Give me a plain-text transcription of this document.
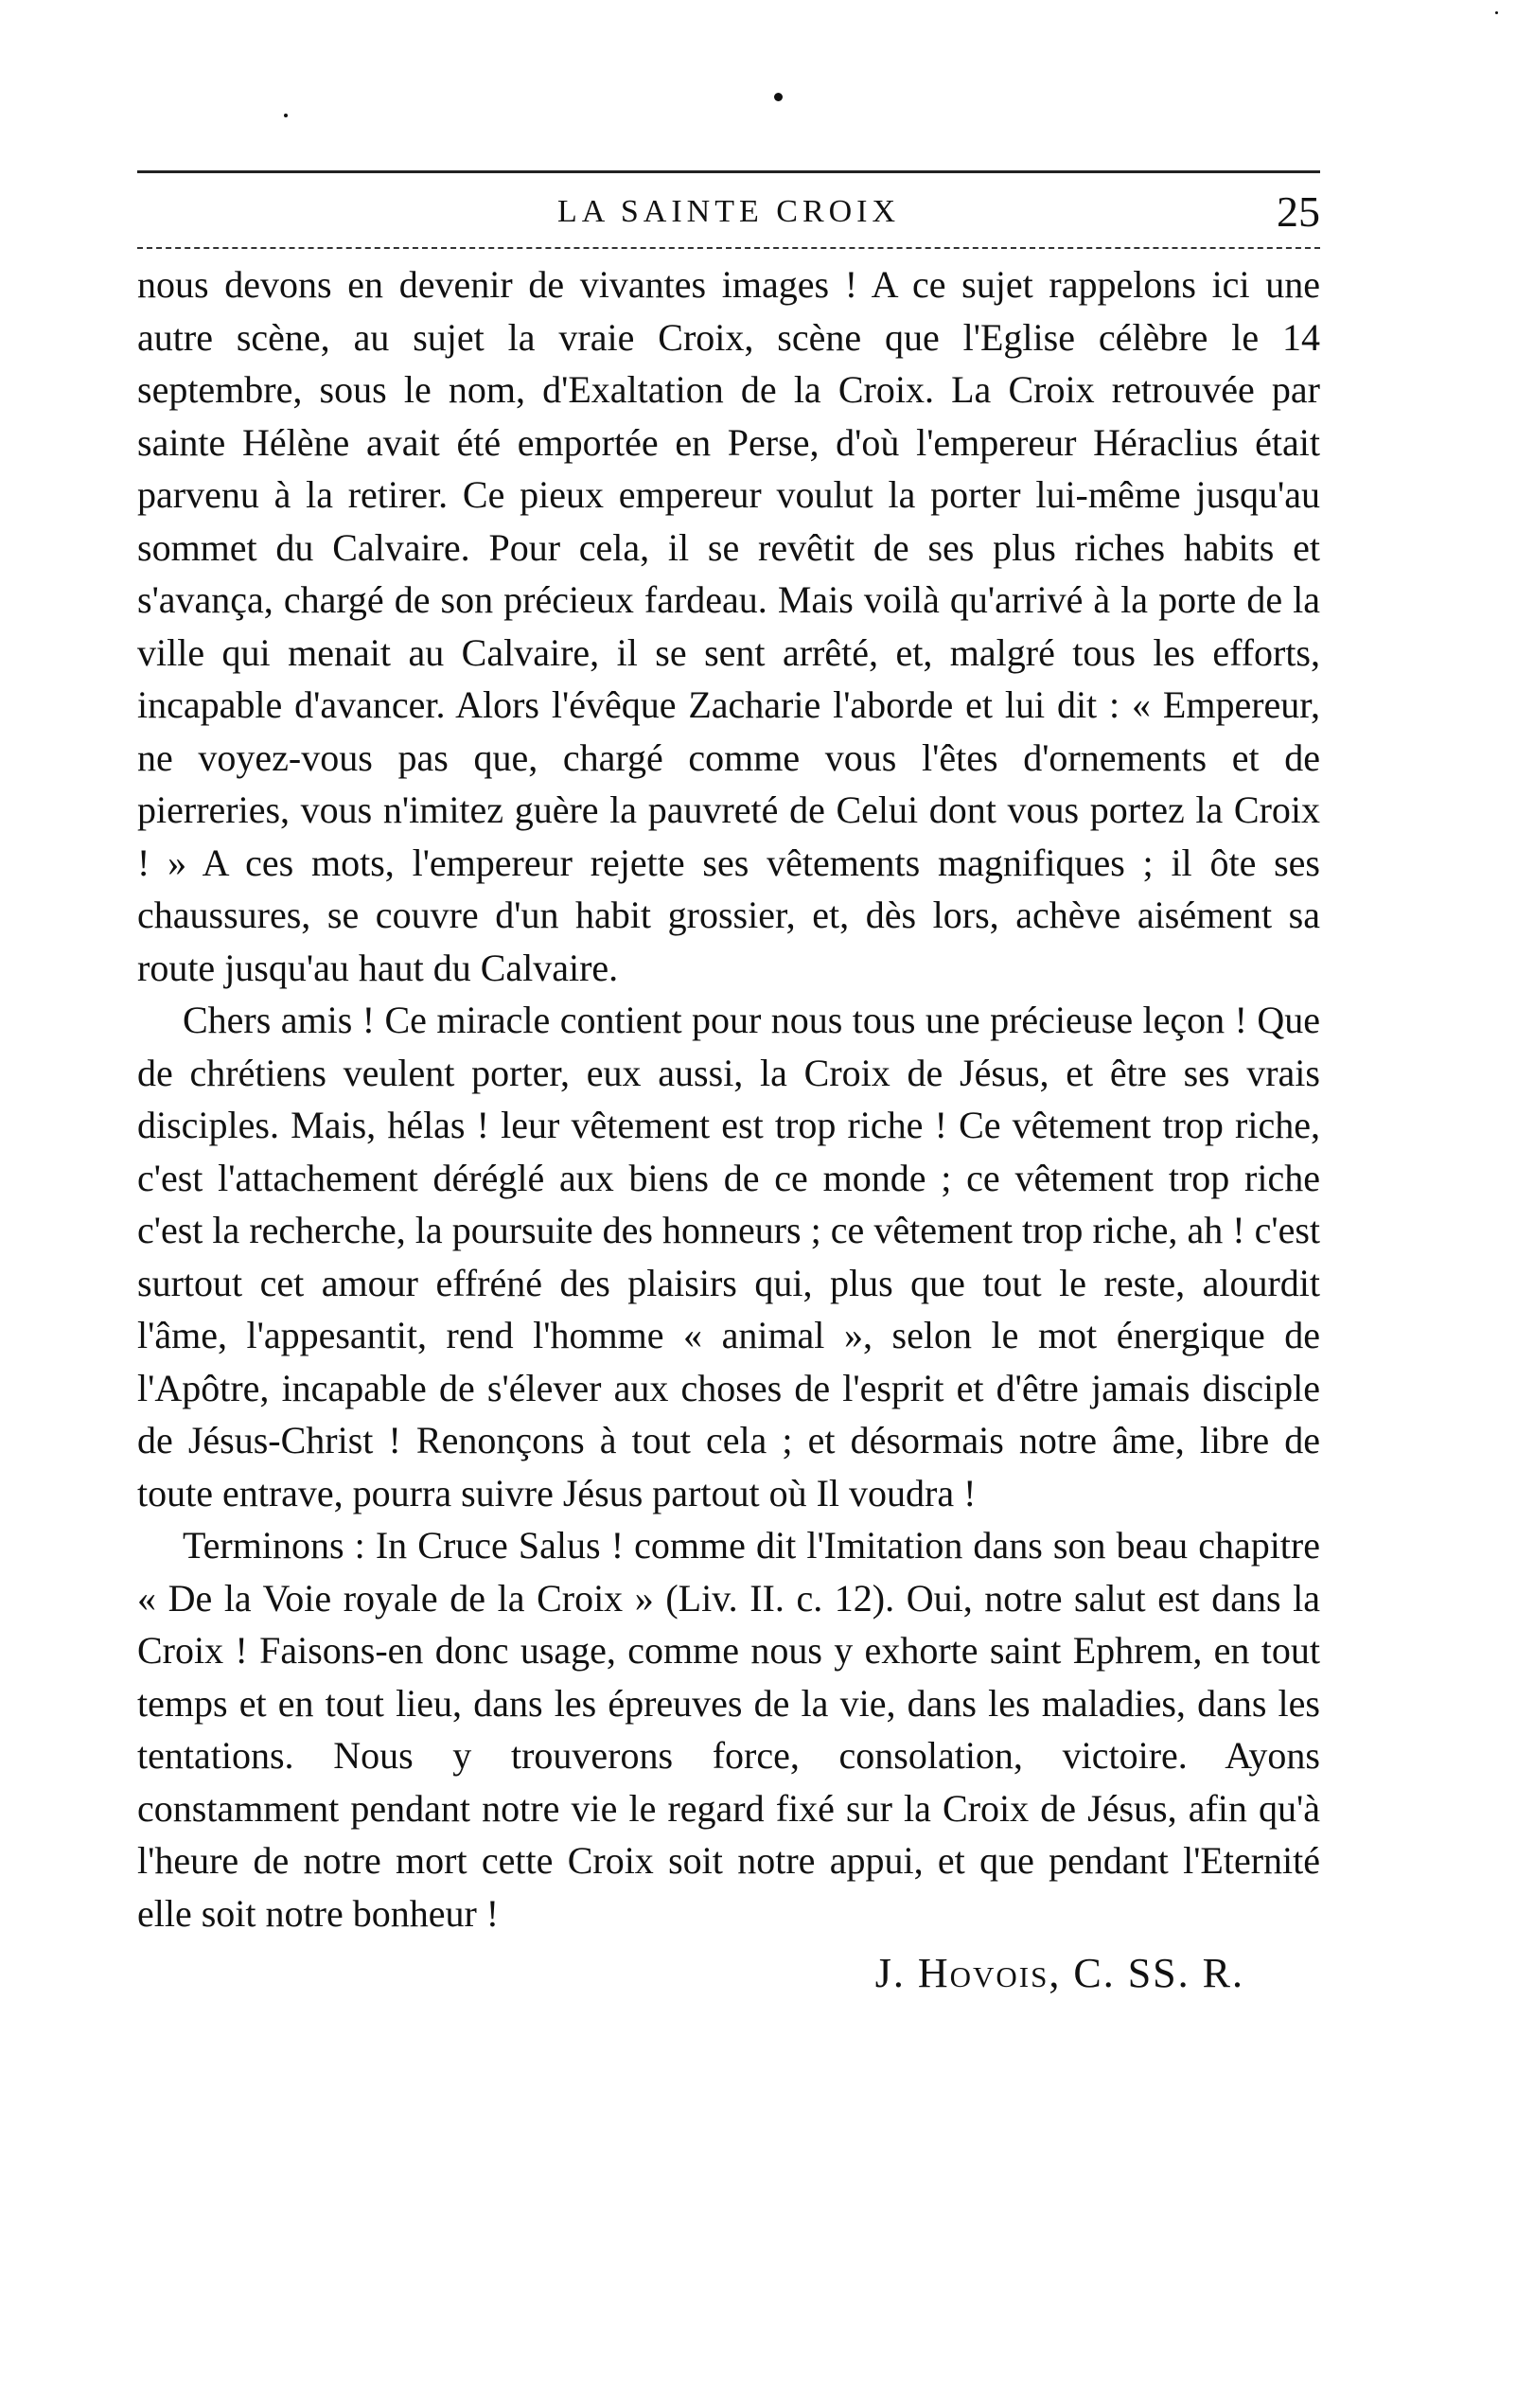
LA SAINTE CROIX	25

nous devons en devenir de vivantes images ! A ce sujet rappelons ici une autre scène, au sujet la vraie Croix, scène que l'Eglise célèbre le 14 septembre, sous le nom, d'Exaltation de la Croix. La Croix retrouvée par sainte Hélène avait été emportée en Perse, d'où l'empereur Héraclius était parvenu à la retirer. Ce pieux empereur voulut la porter lui-même jusqu'au sommet du Calvaire. Pour cela, il se revêtit de ses plus riches habits et s'avança, chargé de son précieux fardeau. Mais voilà qu'arrivé à la porte de la ville qui menait au Calvaire, il se sent arrêté, et, malgré tous les efforts, incapable d'avancer. Alors l'évêque Zacharie l'aborde et lui dit : « Empereur, ne voyez-vous pas que, chargé comme vous l'êtes d'ornements et de pierreries, vous n'imitez guère la pauvreté de Celui dont vous portez la Croix ! » A ces mots, l'empereur rejette ses vêtements magnifiques ; il ôte ses chaussures, se couvre d'un habit grossier, et, dès lors, achève aisément sa route jusqu'au haut du Calvaire.

Chers amis ! Ce miracle contient pour nous tous une précieuse leçon ! Que de chrétiens veulent porter, eux aussi, la Croix de Jésus, et être ses vrais disciples. Mais, hélas ! leur vêtement est trop riche ! Ce vêtement trop riche, c'est l'attachement déréglé aux biens de ce monde ; ce vêtement trop riche c'est la recherche, la poursuite des honneurs ; ce vêtement trop riche, ah ! c'est surtout cet amour effréné des plaisirs qui, plus que tout le reste, alourdit l'âme, l'appesantit, rend l'homme « animal », selon le mot énergique de l'Apôtre, incapable de s'élever aux choses de l'esprit et d'être jamais disciple de Jésus-Christ ! Renonçons à tout cela ; et désormais notre âme, libre de toute entrave, pourra suivre Jésus partout où Il voudra !

Terminons : In Cruce Salus ! comme dit l'Imitation dans son beau chapitre « De la Voie royale de la Croix » (Liv. II. c. 12). Oui, notre salut est dans la Croix ! Faisons-en donc usage, comme nous y exhorte saint Ephrem, en tout temps et en tout lieu, dans les épreuves de la vie, dans les maladies, dans les tentations. Nous y trouverons force, consolation, victoire. Ayons constamment pendant notre vie le regard fixé sur la Croix de Jésus, afin qu'à l'heure de notre mort cette Croix soit notre appui, et que pendant l'Eternité elle soit notre bonheur !

J. Hovois, C. SS. R.
